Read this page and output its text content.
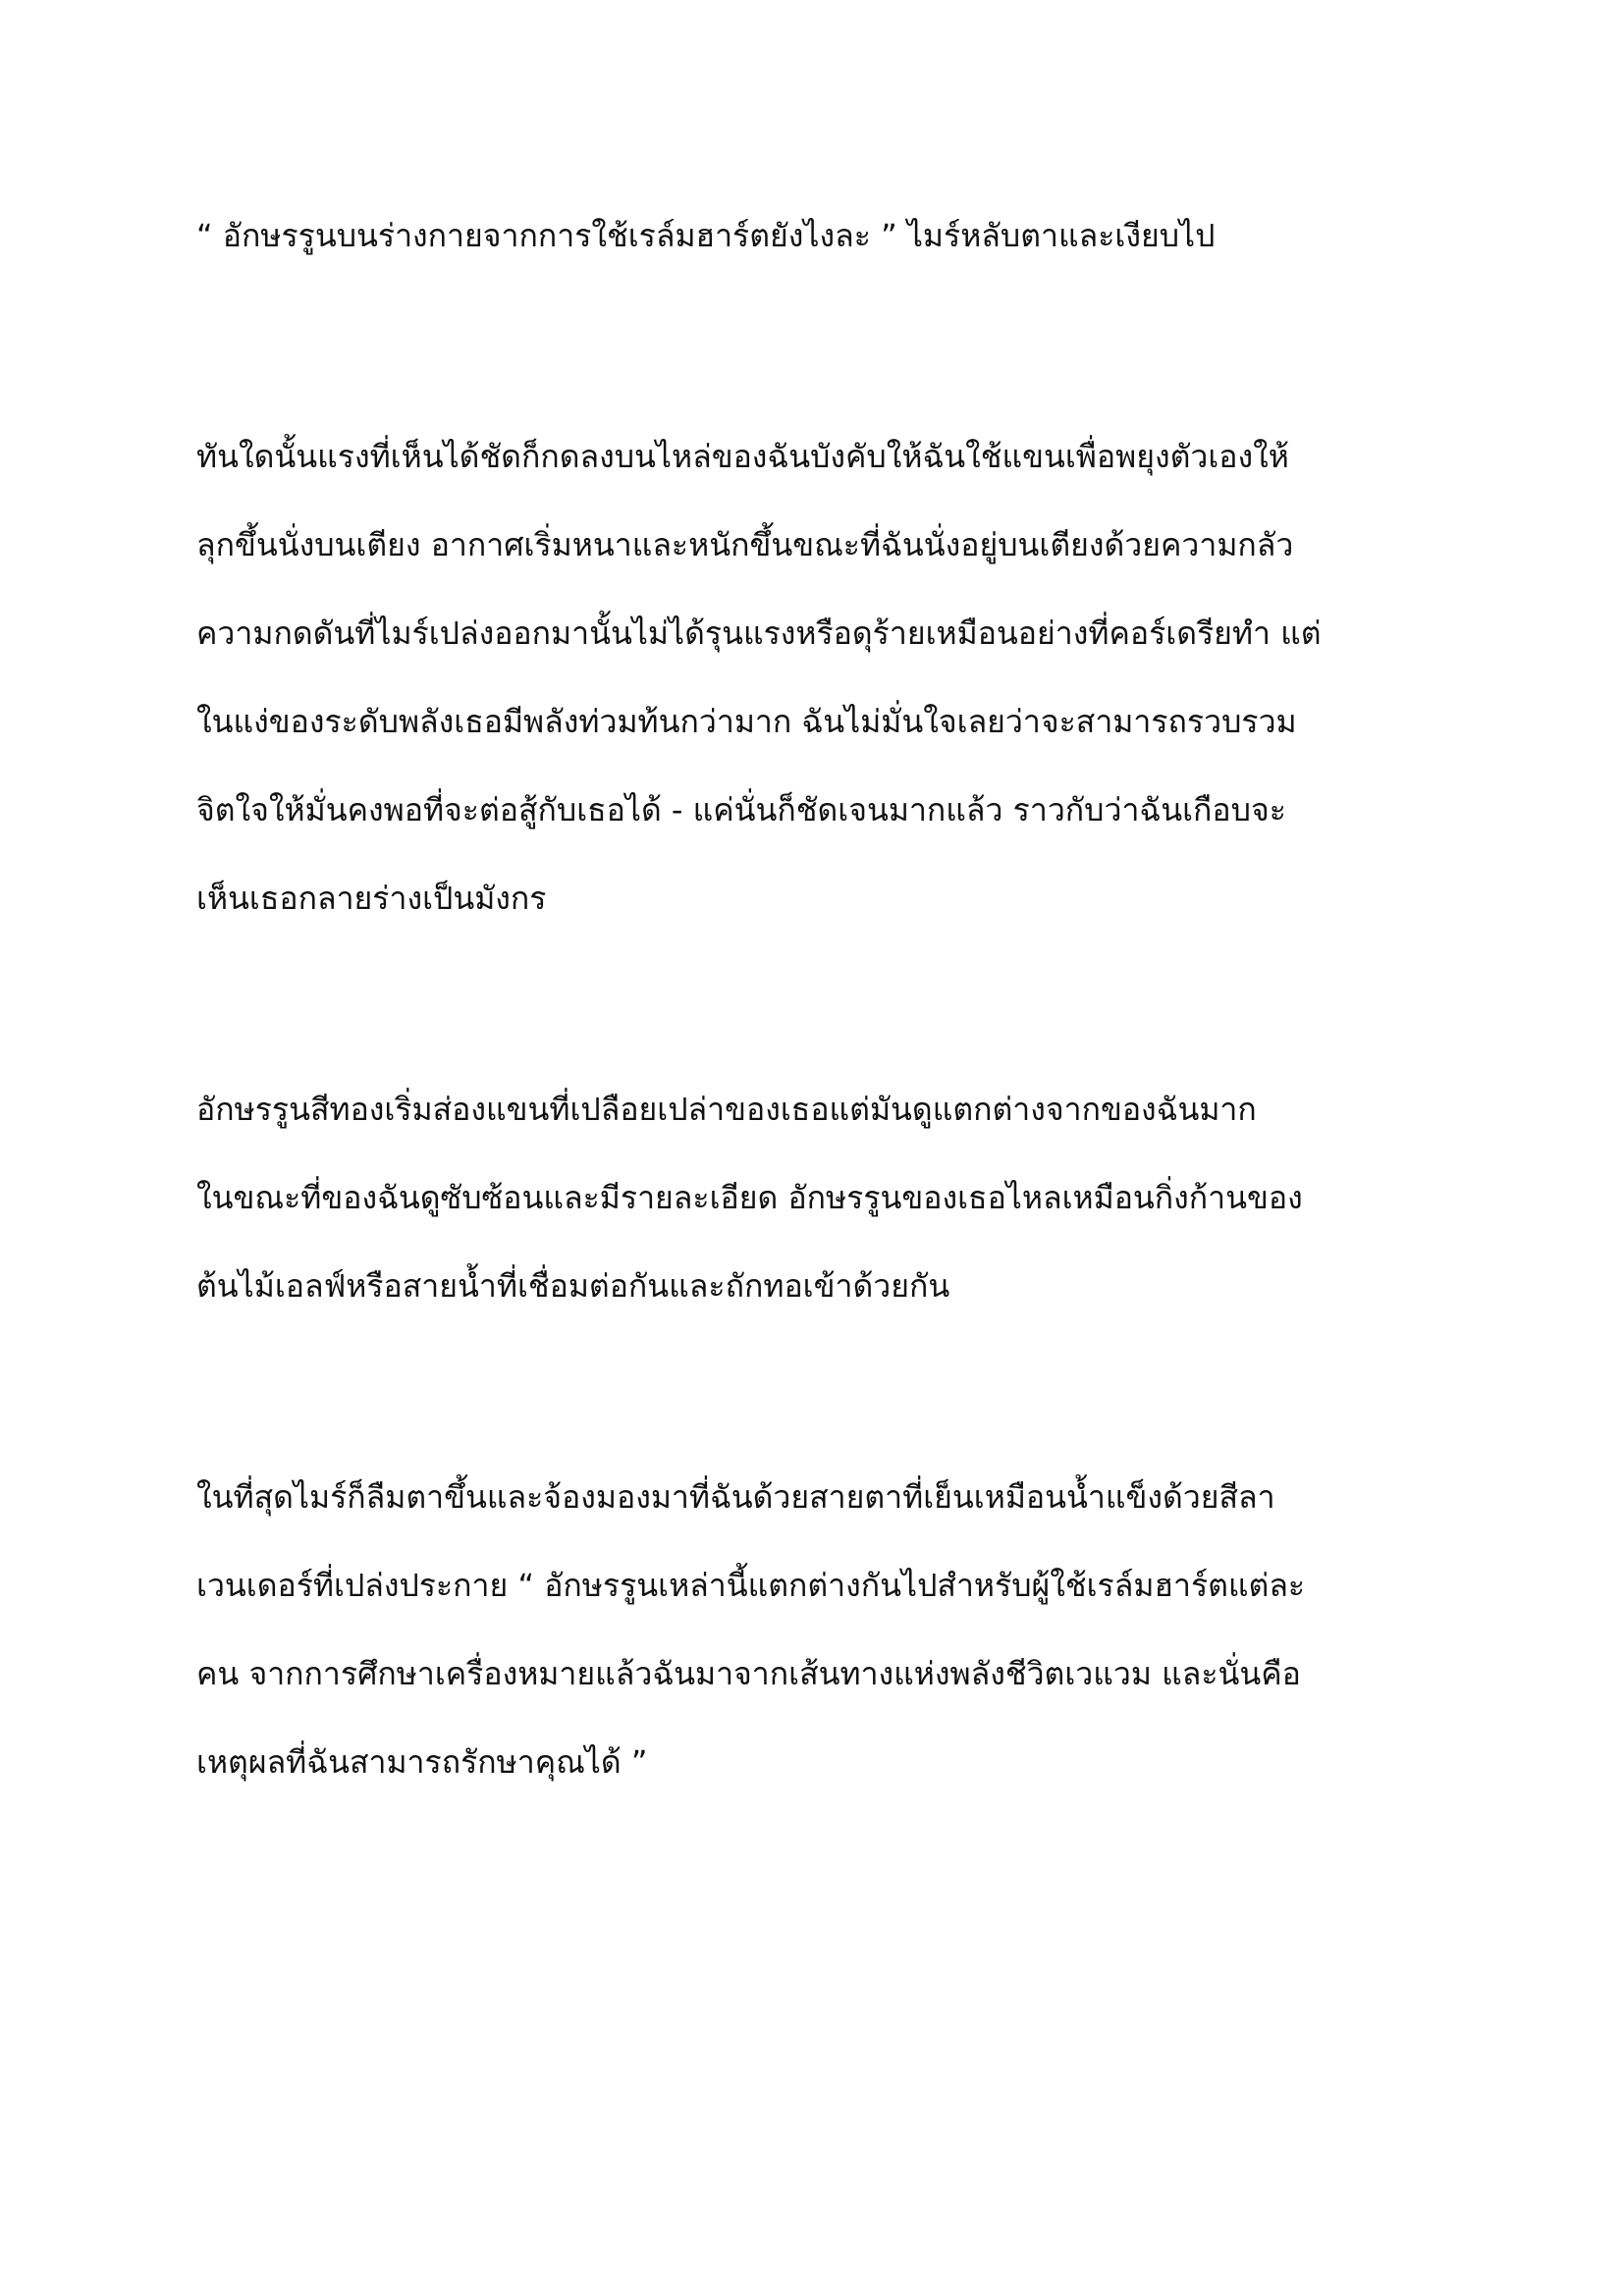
“ อักษรรูนบนร่างกายจากการใช้เรล์มฮาร์ตยังไงละ ” ไมร์หลับตาและเงียบไป
ทันใดนั้นแรงที่เห็นได้ชัดก็กดลงบนไหล่ของฉันบังคับให้ฉันใช้แขนเพื่อพยุงตัวเองให้
ลุกขึ้นนั่งบนเตียง อากาศเริ่มหนาและหนักขึ้นขณะที่ฉันนั่งอยู่บนเตียงด้วยความกลัว
ความกดดันที่ไมร์เปล่งออกมานั้นไม่ได้รุนแรงหรือดุร้ายเหมือนอย่างที่คอร์เดรียทำ แต่
ในแง่ของระดับพลังเธอมีพลังท่วมท้นกว่ามาก ฉันไม่มั่นใจเลยว่าจะสามารถรวบรวม
จิตใจให้มั่นคงพอที่จะต่อสู้กับเธอได้ - แค่นั่นก็ชัดเจนมากแล้ว ราวกับว่าฉันเกือบจะ
เห็นเธอกลายร่างเป็นมังกร
อักษรรูนสีทองเริ่มส่องแขนที่เปลือยเปล่าของเธอแต่มันดูแตกต่างจากของฉันมาก
ในขณะที่ของฉันดูซับซ้อนและมีรายละเอียด อักษรรูนของเธอไหลเหมือนกิ่งก้านของ
ต้นไม้เอลฟ์หรือสายน้ำที่เชื่อมต่อกันและถักทอเข้าด้วยกัน
ในที่สุดไมร์ก็ลืมตาขึ้นและจ้องมองมาที่ฉันด้วยสายตาที่เย็นเหมือนน้ำแข็งด้วยสีลา
เวนเดอร์ที่เปล่งประกาย “ อักษรรูนเหล่านี้แตกต่างกันไปสำหรับผู้ใช้เรล์มฮาร์ตแต่ละ
คน จากการศึกษาเครื่องหมายแล้วฉันมาจากเส้นทางแห่งพลังชีวิตเวแวม และนั่นคือ
เหตุผลที่ฉันสามารถรักษาคุณได้ ”
